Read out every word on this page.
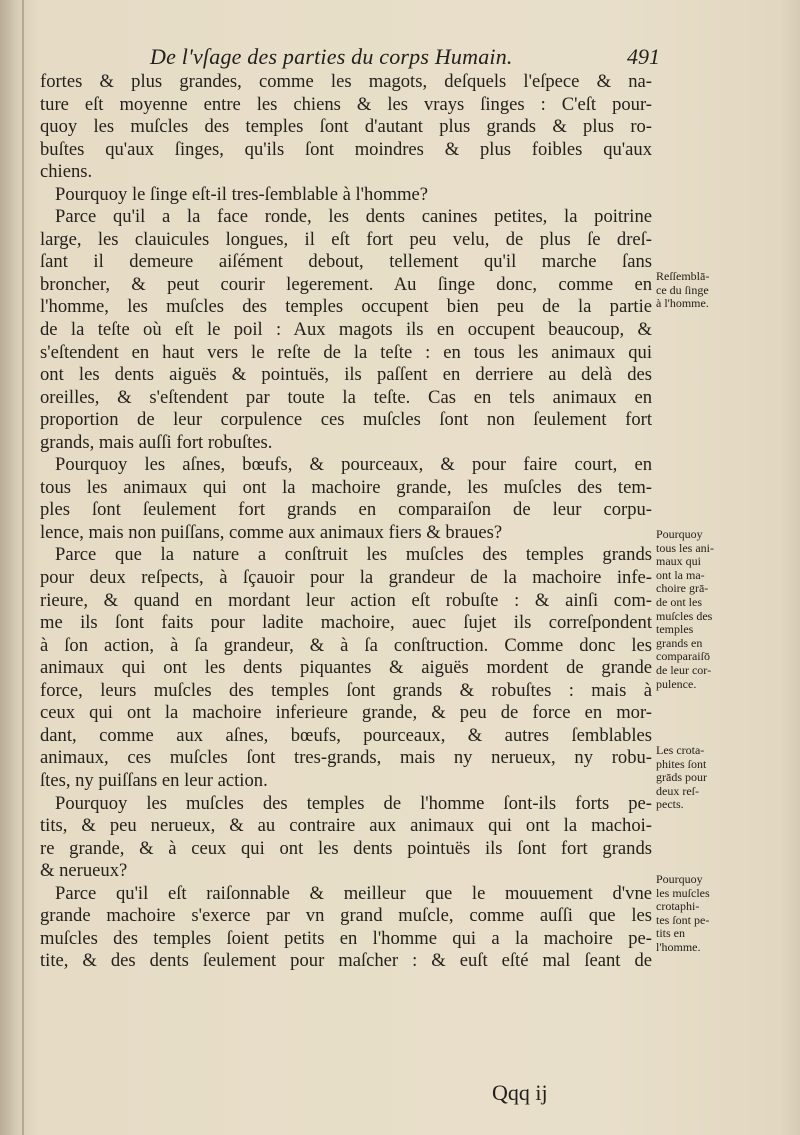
De l'vſage des parties du corps Humain.	491
fortes & plus grandes, comme les magots, deſquels l'eſpece & na-
ture eſt moyenne entre les chiens & les vrays ſinges : C'eſt pour-
quoy les muſcles des temples ſont d'autant plus grands & plus ro-
buſtes qu'aux ſinges, qu'ils ſont moindres & plus foibles qu'aux
chiens.
Pourquoy le ſinge eſt-il tres-ſemblable à l'homme?
Parce qu'il a la face ronde, les dents canines petites, la poitrine
large, les clauicules longues, il eſt fort peu velu, de plus ſe dreſ-
ſant il demeure aiſément debout, tellement qu'il marche ſans
broncher, & peut courir legerement. Au ſinge donc, comme en
l'homme, les muſcles des temples occupent bien peu de la partie
de la teſte où eſt le poil : Aux magots ils en occupent beaucoup, &
s'eſtendent en haut vers le reſte de la teſte : en tous les animaux qui
ont les dents aiguës & pointuës, ils paſſent en derriere au delà des
oreilles, & s'eſtendent par toute la teſte. Cas en tels animaux en
proportion de leur corpulence ces muſcles ſont non ſeulement fort
grands, mais auſſi fort robuſtes.
Pourquoy les aſnes, bœufs, & pourceaux, & pour faire court, en
tous les animaux qui ont la machoire grande, les muſcles des tem-
ples ſont ſeulement fort grands en comparaiſon de leur corpu-
lence, mais non puiſſans, comme aux animaux fiers & braues?
Parce que la nature a conſtruit les muſcles des temples grands
pour deux reſpects, à ſçauoir pour la grandeur de la machoire infe-
rieure, & quand en mordant leur action eſt robuſte : & ainſi com-
me ils ſont faits pour ladite machoire, auec ſujet ils correſpondent
à ſon action, à ſa grandeur, & à ſa conſtruction. Comme donc les
animaux qui ont les dents piquantes & aiguës mordent de grande
force, leurs muſcles des temples ſont grands & robuſtes : mais à
ceux qui ont la machoire inferieure grande, & peu de force en mor-
dant, comme aux aſnes, bœufs, pourceaux, & autres ſemblables
animaux, ces muſcles ſont tres-grands, mais ny nerueux, ny robu-
ſtes, ny puiſſans en leur action.
Pourquoy les muſcles des temples de l'homme ſont-ils forts pe-
tits, & peu nerueux, & au contraire aux animaux qui ont la machoi-
re grande, & à ceux qui ont les dents pointuës ils ſont fort grands
& nerueux?
Parce qu'il eſt raiſonnable & meilleur que le mouuement d'vne
grande machoire s'exerce par vn grand muſcle, comme auſſi que les
muſcles des temples ſoient petits en l'homme qui a la machoire pe-
tite, & des dents ſeulement pour maſcher : & euſt eſté mal ſeant de
Reſſemblā-
ce du ſinge
à l'homme.
Pourquoy
tous les ani-
maux qui
ont la ma-
choire grā-
de ont les
muſcles des
temples
grands en
comparaiſō
de leur cor-
pulence.
Les crota-
phites ſont
grāds pour
deux reſ-
pects.
Pourquoy
les muſcles
crotaphi-
tes ſont pe-
tits en
l'homme.
Qqq ij
